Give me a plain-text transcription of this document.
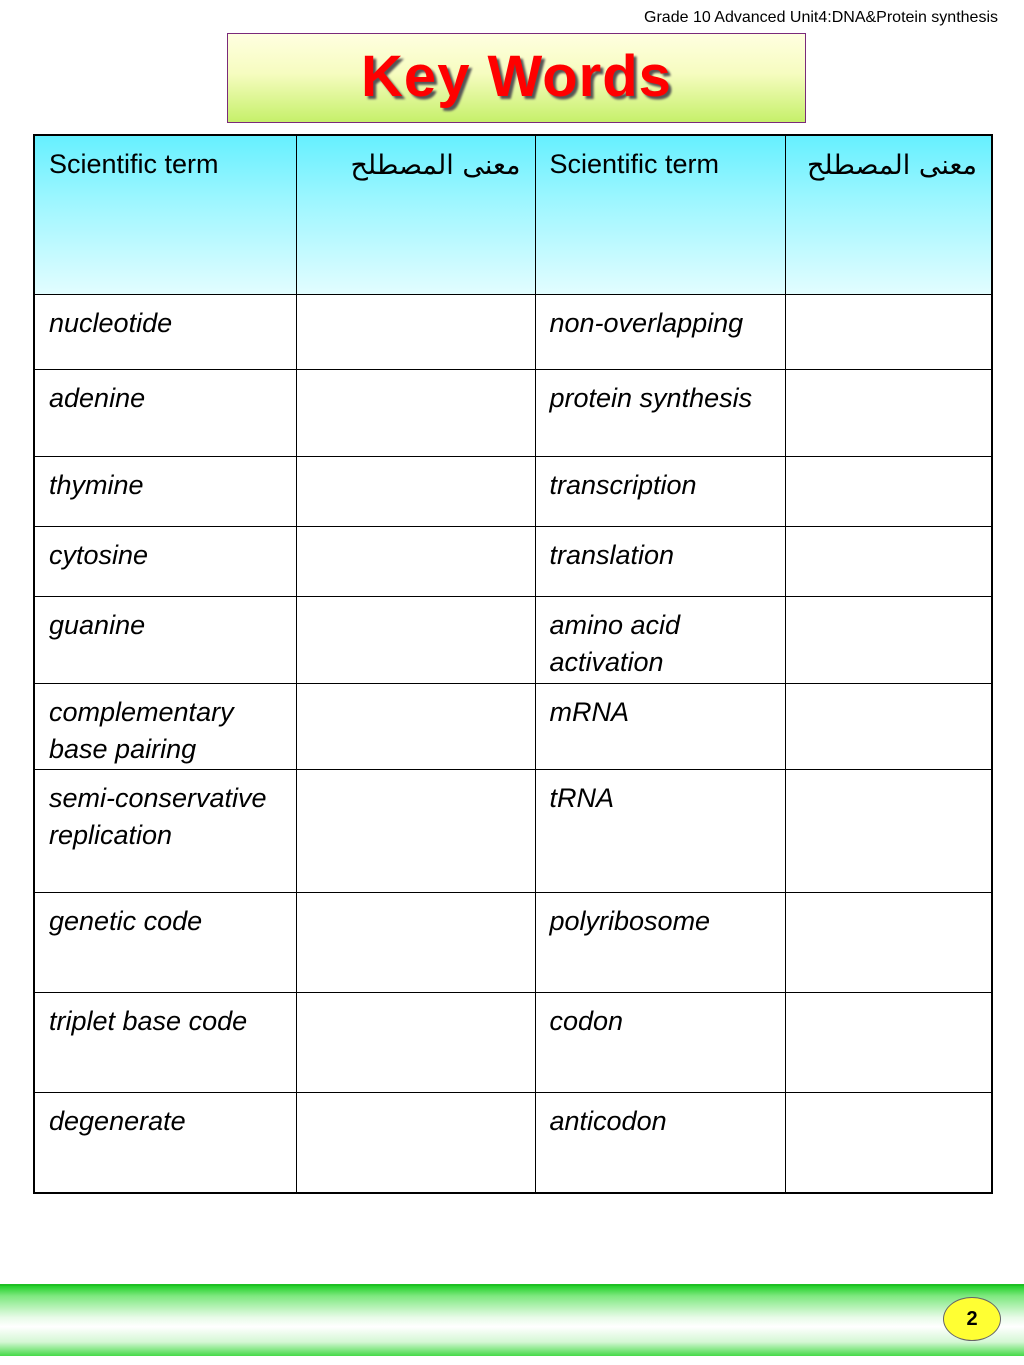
Grade 10 Advanced Unit4:DNA&Protein synthesis
Key Words
Scientific term	معنى المصطلح	Scientific term	معنى المصطلح
nucleotide		non-overlapping	
adenine		protein synthesis	
thymine		transcription	
cytosine		translation	
guanine		amino acid activation	
complementary base pairing		mRNA	
semi-conservative replication		tRNA	
genetic code		polyribosome	
triplet base code		codon	
degenerate		anticodon	
2
